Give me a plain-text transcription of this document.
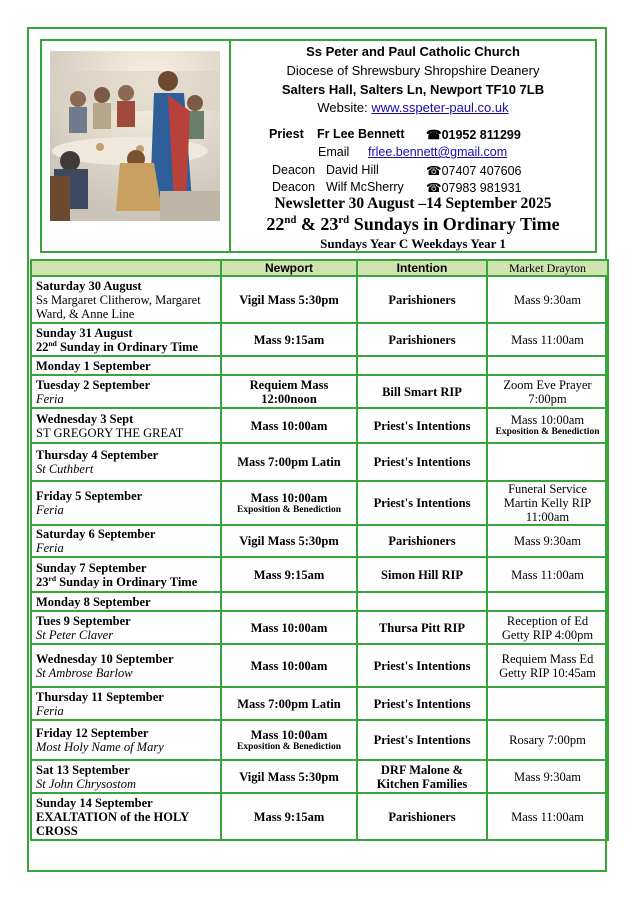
Ss Peter and Paul Catholic Church
Diocese of Shrewsbury Shropshire Deanery
Salters Hall, Salters Ln, Newport TF10 7LB
Website: www.sspeter-paul.co.uk
Priest Fr Lee Bennett ☎01952 811299
Email frlee.bennett@gmail.com
Deacon David Hill	☎07407 407606
Deacon Wilf McSherry ☎07983 981931
Newsletter 30 August –14 September 2025
22nd & 23rd Sundays in Ordinary Time
Sundays Year C Weekdays Year 1
	Newport	Intention	Market Drayton
Saturday 30 August
Ss Margaret Clitherow, Margaret Ward, & Anne Line	Vigil Mass 5:30pm	Parishioners	Mass 9:30am
Sunday 31 August
22nd Sunday in Ordinary Time	Mass 9:15am	Parishioners	Mass 11:00am
Monday 1 September			
Tuesday 2 September
Feria	Requiem Mass 12:00noon	Bill Smart RIP	Zoom Eve Prayer 7:00pm
Wednesday 3 Sept
ST GREGORY THE GREAT	Mass 10:00am	Priest's Intentions	Mass 10:00am
Exposition & Benediction

Thursday 4 September
St Cuthbert	Mass 7:00pm Latin	Priest's Intentions	
Friday 5 September
Feria	Mass 10:00am
Exposition & Benediction	Priest's Intentions	Funeral Service Martin Kelly RIP 11:00am
Saturday 6 September
Feria	Vigil Mass 5:30pm	Parishioners	Mass 9:30am
Sunday 7 September
23rd Sunday in Ordinary Time	Mass 9:15am	Simon Hill RIP	Mass 11:00am
Monday 8 September			
Tues 9 September
St Peter Claver	Mass 10:00am	Thursa Pitt RIP	Reception of Ed Getty RIP 4:00pm
Wednesday 10 September
St Ambrose Barlow	Mass 10:00am	Priest's Intentions	Requiem Mass Ed Getty RIP 10:45am
Thursday 11 September
Feria	Mass 7:00pm Latin	Priest's Intentions	
Friday 12 September
Most Holy Name of Mary	Mass 10:00am
Exposition & Benediction	Priest's Intentions	Rosary 7:00pm
Sat 13 September
St John Chrysostom	Vigil Mass 5:30pm	DRF Malone & Kitchen Families	Mass 9:30am
Sunday 14 September
EXALTATION of the HOLY CROSS	Mass 9:15am	Parishioners	Mass 11:00am
